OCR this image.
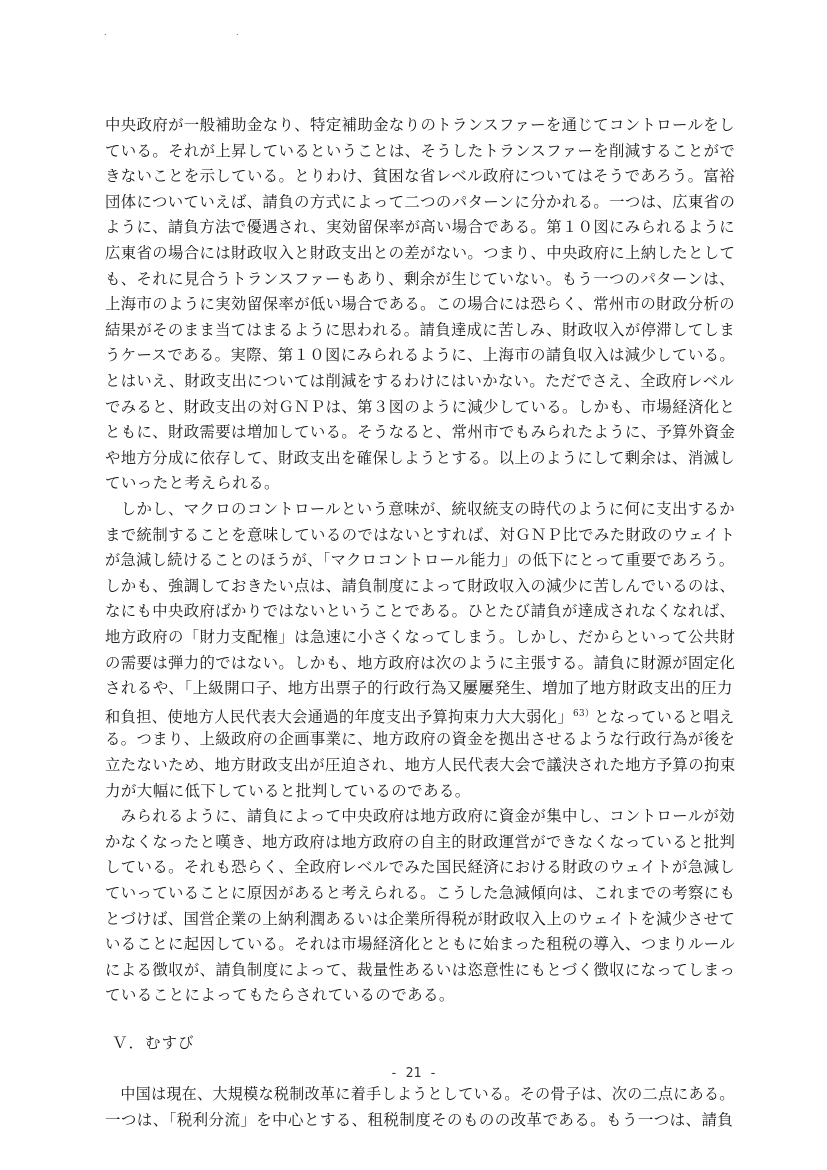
.	.
中央政府が一般補助金なり、特定補助金なりのトランスファーを通じてコントロールをし
ている。それが上昇しているということは、そうしたトランスファーを削減することがで
きないことを示している。とりわけ、貧困な省レベル政府についてはそうであろう。富裕
団体についていえば、請負の方式によって二つのパターンに分かれる。一つは、広東省の
ように、請負方法で優遇され、実効留保率が高い場合である。第１０図にみられるように
広東省の場合には財政収入と財政支出との差がない。つまり、中央政府に上納したとして
も、それに見合うトランスファーもあり、剰余が生じていない。もう一つのパターンは、
上海市のように実効留保率が低い場合である。この場合には恐らく、常州市の財政分析の
結果がそのまま当てはまるように思われる。請負達成に苦しみ、財政収入が停滞してしま
うケースである。実際、第１０図にみられるように、上海市の請負収入は減少している。
とはいえ、財政支出については削減をするわけにはいかない。ただでさえ、全政府レベル
でみると、財政支出の対ＧＮＰは、第３図のように減少している。しかも、市場経済化と
ともに、財政需要は増加している。そうなると、常州市でもみられたように、予算外資金
や地方分成に依存して、財政支出を確保しようとする。以上のようにして剰余は、消滅し
ていったと考えられる。
　しかし、マクロのコントロールという意味が、統収統支の時代のように何に支出するか
まで統制することを意味しているのではないとすれば、対ＧＮＰ比でみた財政のウェイト
が急減し続けることのほうが、「マクロコントロール能力」の低下にとって重要であろう。
しかも、強調しておきたい点は、請負制度によって財政収入の減少に苦しんでいるのは、
なにも中央政府ばかりではないということである。ひとたび請負が達成されなくなれば、
地方政府の「財力支配権」は急速に小さくなってしまう。しかし、だからといって公共財
の需要は弾力的ではない。しかも、地方政府は次のように主張する。請負に財源が固定化
されるや、「上級開口子、地方出票子的行政行為又屢屢発生、増加了地方財政支出的圧力
和負担、使地方人民代表大会通過的年度支出予算拘束力大大弱化」$^{63)}$となっていると唱え
る。つまり、上級政府の企画事業に、地方政府の資金を拠出させるような行政行為が後を
立たないため、地方財政支出が圧迫され、地方人民代表大会で議決された地方予算の拘束
力が大幅に低下していると批判しているのである。
　みられるように、請負によって中央政府は地方政府に資金が集中し、コントロールが効
かなくなったと嘆き、地方政府は地方政府の自主的財政運営ができなくなっていると批判
している。それも恐らく、全政府レベルでみた国民経済における財政のウェイトが急減し
ていっていることに原因があると考えられる。こうした急減傾向は、これまでの考察にも
とづけば、国営企業の上納利潤あるいは企業所得税が財政収入上のウェイトを減少させて
いることに起因している。それは市場経済化とともに始まった租税の導入、つまりルール
による徴収が、請負制度によって、裁量性あるいは恣意性にもとづく徴収になってしまっ
ていることによってもたらされているのである。
　中国は現在、大規模な税制改革に着手しようとしている。その骨子は、次の二点にある。
一つは、「税利分流」を中心とする、租税制度そのものの改革である。もう一つは、請負
- 21 -
Ｖ．むすび
